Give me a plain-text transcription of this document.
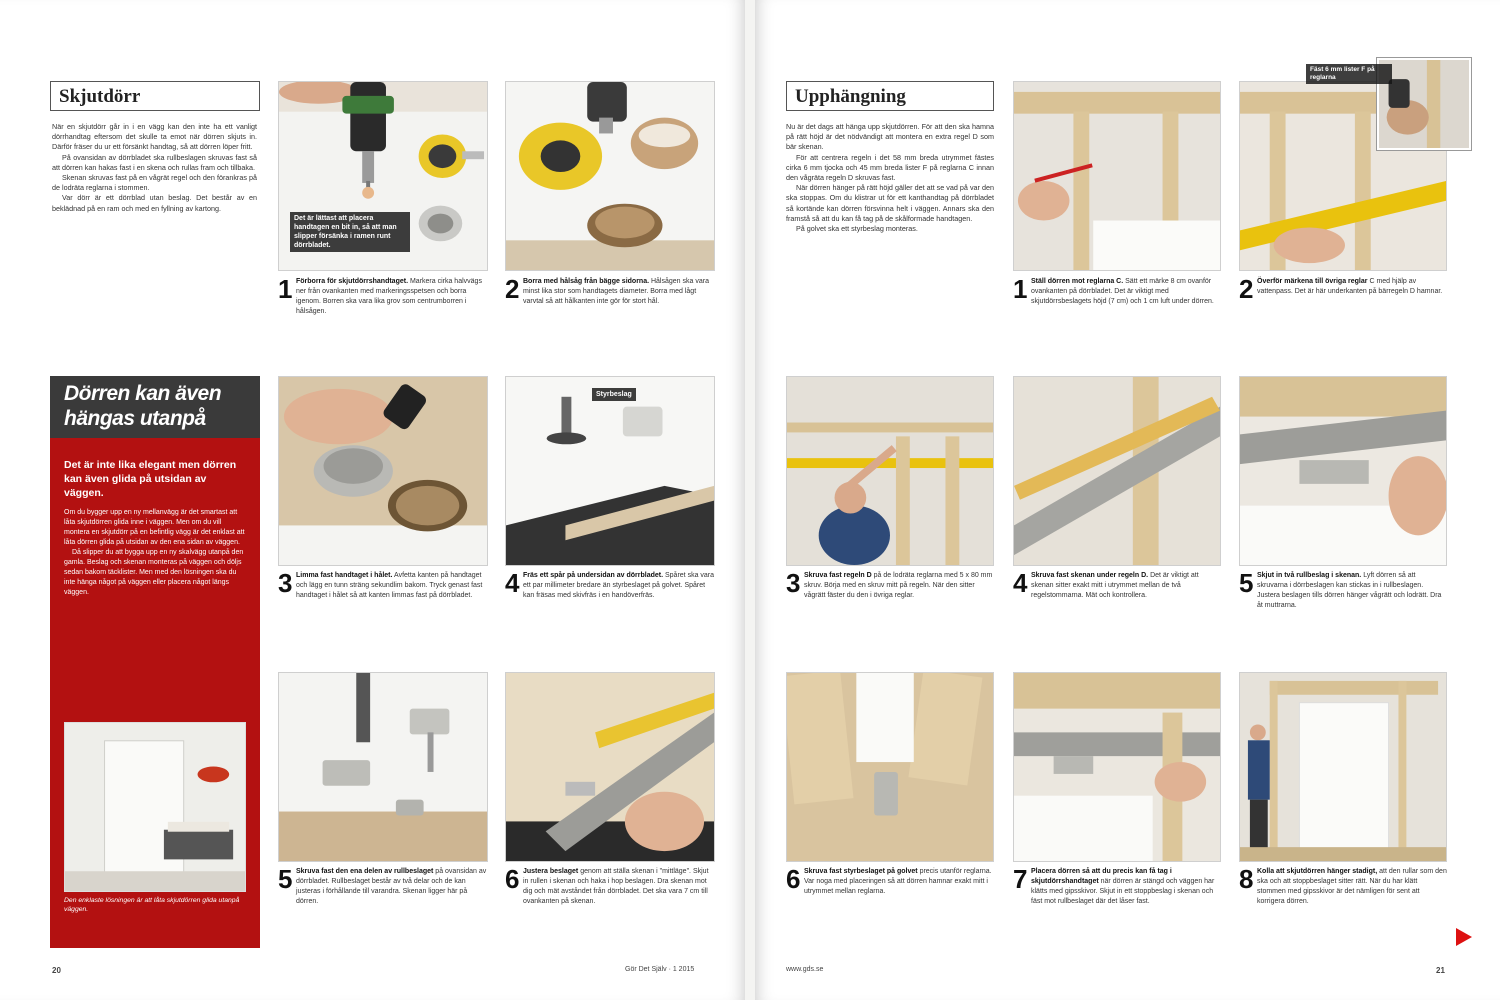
Skjutdörr

När en skjutdörr går in i en vägg kan den inte ha ett vanligt dörrhandtag eftersom det skulle ta emot när dörren skjuts in. Därför fräser du ur ett försänkt handtag, så att dörren löper fritt.

På ovansidan av dörrbladet ska rullbeslagen skruvas fast så att dörren kan hakas fast i en skena och rullas fram och tillbaka.

Skenan skruvas fast på en vågrät regel och den förankras på de lodräta reglarna i stommen.

Var dörr är ett dörrblad utan beslag. Det består av en beklädnad på en ram och med en fyllning av kartong.

Det är lättast att placera handtagen en bit in, så att man slipper försänka i ramen runt dörrbladet.
1 Förborra för skjutdörrshandtaget. Markera cirka halvvägs ner från ovankanten med markeringsspetsen och borra igenom. Borren ska vara lika grov som centrumborren i hålsågen.
2 Borra med hålsåg från bägge sidorna. Hålsågen ska vara minst lika stor som handtagets diameter. Borra med lågt varvtal så att hålkanten inte gör för stort hål.
Dörren kan även hängas utanpå
Det är inte lika elegant men dörren kan även glida på utsidan av väggen.

Om du bygger upp en ny mellanvägg är det smartast att låta skjutdörren glida inne i väggen. Men om du vill montera en skjutdörr på en befintlig vägg är det enklast att låta dörren glida på utsidan av den ena sidan av väggen.

Då slipper du att bygga upp en ny skalvägg utanpå den gamla. Beslag och skenan monteras på väggen och döljs sedan bakom täcklister. Men med den lösningen ska du inte hänga något på väggen eller placera något längs väggen.

Den enklaste lösningen är att låta skjutdörren glida utanpå väggen.
Styrbeslag
3 Limma fast handtaget i hålet. Avfetta kanten på handtaget och lägg en tunn sträng sekundlim bakom. Tryck genast fast handtaget i hålet så att kanten limmas fast på dörrbladet.	4 Fräs ett spår på undersidan av dörrbladet. Spåret ska vara ett par millimeter bredare än styrbeslaget på golvet. Spåret kan fräsas med skivfräs i en handöverfräs.
5 Skruva fast den ena delen av rullbeslaget på ovansidan av dörrbladet. Rullbeslaget består av två delar och de kan justeras i förhållande till varandra. Skenan ligger här på dörren.
6 Justera beslaget genom att ställa skenan i "mittläge". Skjut in rullen i skenan och haka i hop beslagen. Dra skenan mot dig och mät avståndet från dörrbladet. Det ska vara 7 cm till ovankanten på skenan.
20	Gör Det Själv · 1 2015
Upphängning

Nu är det dags att hänga upp skjutdörren. För att den ska hamna på rätt höjd är det nödvändigt att montera en extra regel D som bär skenan.

För att centrera regeln i det 58 mm breda utrymmet fästes cirka 6 mm tjocka och 45 mm breda lister F på reglarna C innan den vågräta regeln D skruvas fast.

När dörren hänger på rätt höjd gäller det att se vad på var den ska stoppas. Om du klistrar ut för ett kanthandtag på dörrbladet så kortände kan dörren försvinna helt i väggen. Annars ska den framstå så att du kan få tag på de skålformade handtagen.

På golvet ska ett styrbeslag monteras.

Fäst 6 mm lister F på reglarna
1 Ställ dörren mot reglarna C. Sätt ett märke 8 cm ovanför ovankanten på dörrbladet. Det är viktigt med skjutdörrsbeslagets höjd (7 cm) och 1 cm luft under dörren. 2 Överför märkena till övriga reglar C med hjälp av vattenpass. Det är här underkanten på bärregeln D hamnar.
3 Skruva fast regeln D på de lodräta reglarna med 5 x 80 mm skruv. Börja med en skruv mitt på regeln. När den sitter vågrätt fäster du den i övriga reglar.	4 Skruva fast skenan under regeln D. Det är viktigt att skenan sitter exakt mitt i utrymmet mellan de två regelstommarna. Mät och kontrollera.	5 Skjut in två rullbeslag i skenan. Lyft dörren så att skruvarna i dörrbeslagen kan stickas in i rullbeslagen. Justera beslagen tills dörren hänger vågrätt och lodrätt. Dra åt muttrarna.
6 Skruva fast styrbeslaget på golvet precis utanför reglarna. Var noga med placeringen så att dörren hamnar exakt mitt i utrymmet mellan reglarna.	7 Placera dörren så att du precis kan få tag i skjutdörrshandtaget när dörren är stängd och väggen har klätts med gipsskivor. Skjut in ett stoppbeslag i skenan och fäst mot rullbeslaget där det låser fast.
8 Kolla att skjutdörren hänger stadigt, att den rullar som den ska och att stoppbeslaget sitter rätt. När du har klätt stommen med gipsskivor är det nämligen för sent att korrigera dörren.
www.gds.se	21
